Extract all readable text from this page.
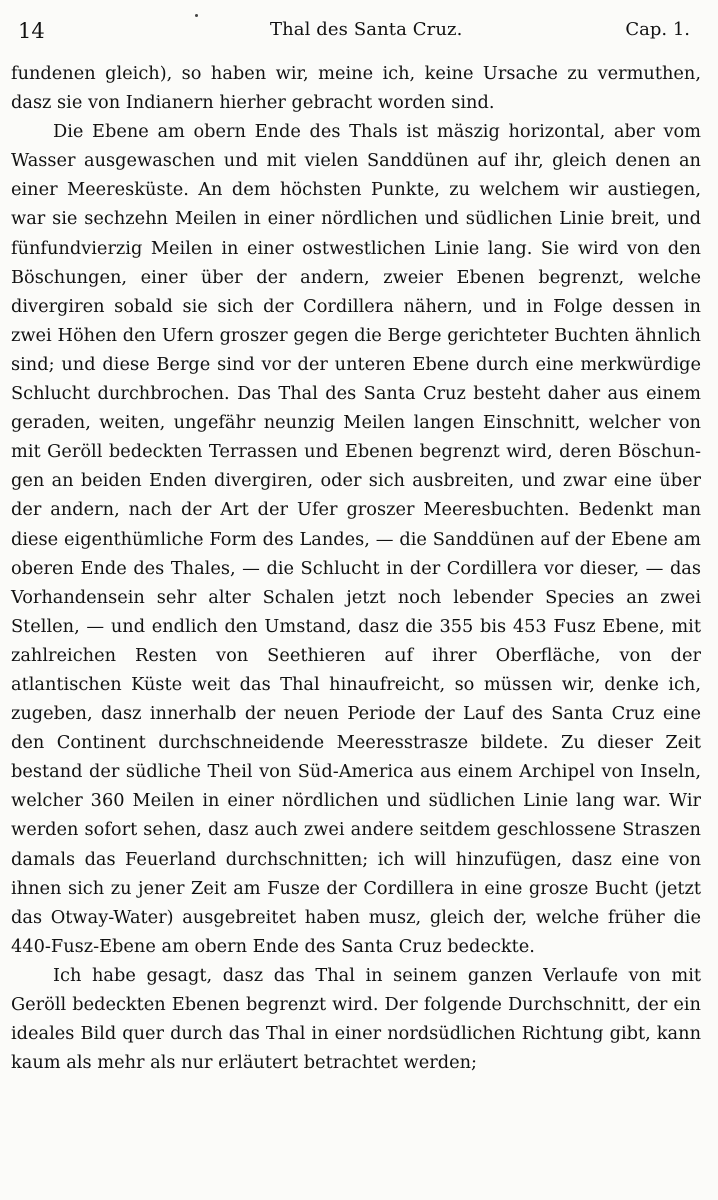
14	Thal des Santa Cruz.	Cap. 1.

fundenen gleich), so haben wir, meine ich, keine Ursache zu vermuthen, dasz sie von Indianern hierher gebracht worden sind.

Die Ebene am obern Ende des Thals ist mäszig horizontal, aber vom Wasser ausgewaschen und mit vielen Sanddünen auf ihr, gleich denen an einer Meeresküste. An dem höchsten Punkte, zu welchem wir austiegen, war sie sechzehn Meilen in einer nördlichen und südlichen Linie breit, und fünfundvierzig Meilen in einer ostwestlichen Linie lang. Sie wird von den Böschungen, einer über der andern, zweier Ebenen begrenzt, welche divergiren sobald sie sich der Cordillera nähern, und in Folge dessen in zwei Höhen den Ufern groszer gegen die Berge gerichteter Buchten ähnlich sind; und diese Berge sind vor der unteren Ebene durch eine merkwürdige Schlucht durchbrochen. Das Thal des Santa Cruz besteht daher aus einem geraden, weiten, ungefähr neunzig Meilen langen Einschnitt, welcher von mit Geröll bedeckten Terrassen und Ebenen begrenzt wird, deren Böschungen an beiden Enden divergiren, oder sich ausbreiten, und zwar eine über der andern, nach der Art der Ufer groszer Meeresbuchten. Bedenkt man diese eigenthümliche Form des Landes, — die Sanddünen auf der Ebene am oberen Ende des Thales, — die Schlucht in der Cordillera vor dieser, — das Vorhandensein sehr alter Schalen jetzt noch lebender Species an zwei Stellen, — und endlich den Umstand, dasz die 355 bis 453 Fusz Ebene, mit zahlreichen Resten von Seethieren auf ihrer Oberfläche, von der atlantischen Küste weit das Thal hinaufreicht, so müssen wir, denke ich, zugeben, dasz innerhalb der neuen Periode der Lauf des Santa Cruz eine den Continent durchschneidende Meeresstrasze bildete. Zu dieser Zeit bestand der südliche Theil von Süd-America aus einem Archipel von Inseln, welcher 360 Meilen in einer nördlichen und südlichen Linie lang war. Wir werden sofort sehen, dasz auch zwei andere seitdem geschlossene Straszen damals das Feuerland durchschnitten; ich will hinzufügen, dasz eine von ihnen sich zu jener Zeit am Fusze der Cordillera in eine grosze Bucht (jetzt das Otway-Water) ausgebreitet haben musz, gleich der, welche früher die 440-Fusz-Ebene am obern Ende des Santa Cruz bedeckte.

Ich habe gesagt, dasz das Thal in seinem ganzen Verlaufe von mit Geröll bedeckten Ebenen begrenzt wird. Der folgende Durchschnitt, der ein ideales Bild quer durch das Thal in einer nordsüdlichen Richtung gibt, kann kaum als mehr als nur erläutert betrachtet werden;
